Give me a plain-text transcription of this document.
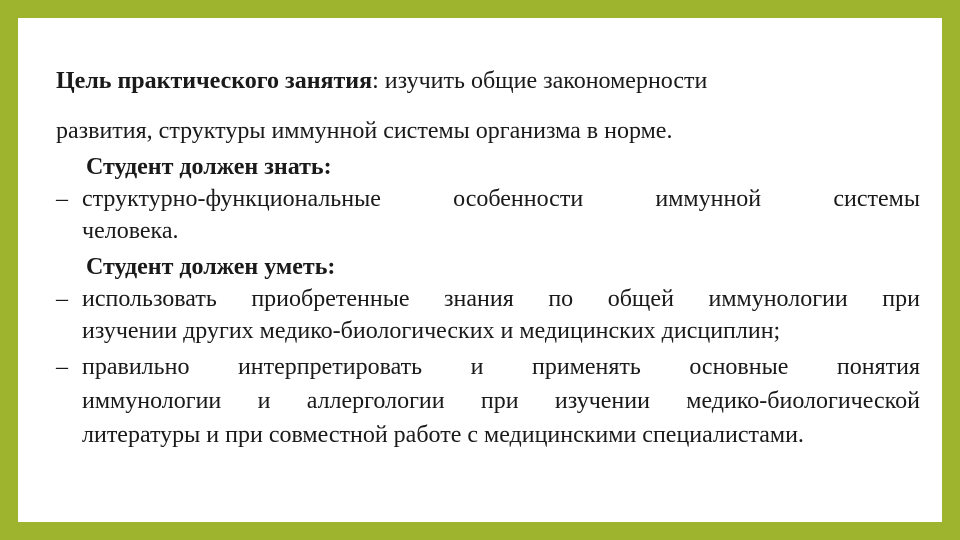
Цель практического занятия: изучить общие закономерности
развития, структуры иммунной системы организма в норме.
Студент должен знать:
– структурно-функциональные	особенности	иммунной	системы
человека.
Студент должен уметь:
– использовать приобретенные знания по общей иммунологии при
изучении других медико-биологических и медицинских дисциплин;
– правильно интерпретировать и применять основные понятия
иммунологии и аллергологии при изучении медико-биологической
литературы и при совместной работе с медицинскими специалистами.
